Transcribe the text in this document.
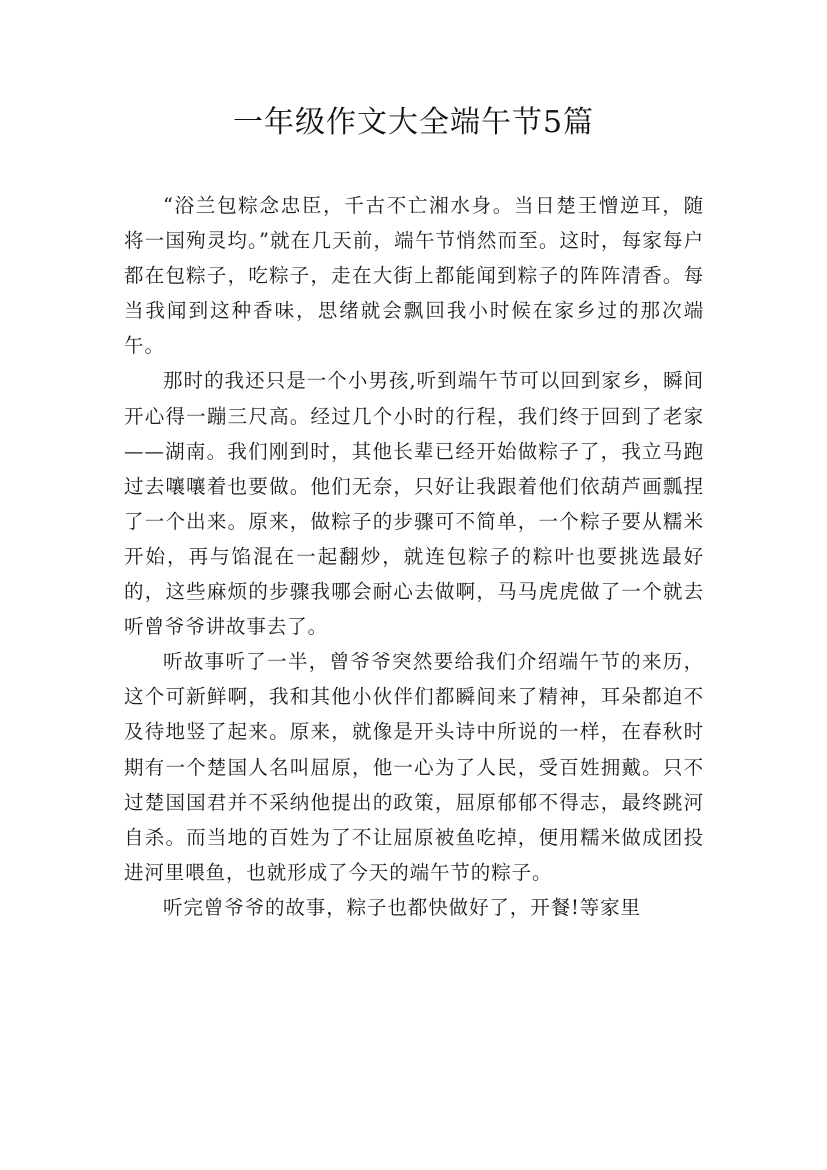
一年级作文大全端午节5篇

“浴兰包粽念忠臣，千古不亡湘水身。当日楚王憎逆耳，随将一国殉灵均。”就在几天前，端午节悄然而至。这时，每家每户都在包粽子，吃粽子，走在大街上都能闻到粽子的阵阵清香。每当我闻到这种香味，思绪就会飘回我小时候在家乡过的那次端午。

那时的我还只是一个小男孩,听到端午节可以回到家乡，瞬间开心得一蹦三尺高。经过几个小时的行程，我们终于回到了老家——湖南。我们刚到时，其他长辈已经开始做粽子了，我立马跑过去嚷嚷着也要做。他们无奈，只好让我跟着他们依葫芦画瓢捏了一个出来。原来，做粽子的步骤可不简单，一个粽子要从糯米开始，再与馅混在一起翻炒，就连包粽子的粽叶也要挑选最好的，这些麻烦的步骤我哪会耐心去做啊，马马虎虎做了一个就去听曾爷爷讲故事去了。

听故事听了一半，曾爷爷突然要给我们介绍端午节的来历，这个可新鲜啊，我和其他小伙伴们都瞬间来了精神，耳朵都迫不及待地竖了起来。原来，就像是开头诗中所说的一样，在春秋时期有一个楚国人名叫屈原，他一心为了人民，受百姓拥戴。只不过楚国国君并不采纳他提出的政策，屈原郁郁不得志，最终跳河自杀。而当地的百姓为了不让屈原被鱼吃掉，便用糯米做成团投进河里喂鱼，也就形成了今天的端午节的粽子。

听完曾爷爷的故事，粽子也都快做好了，开餐!等家里
